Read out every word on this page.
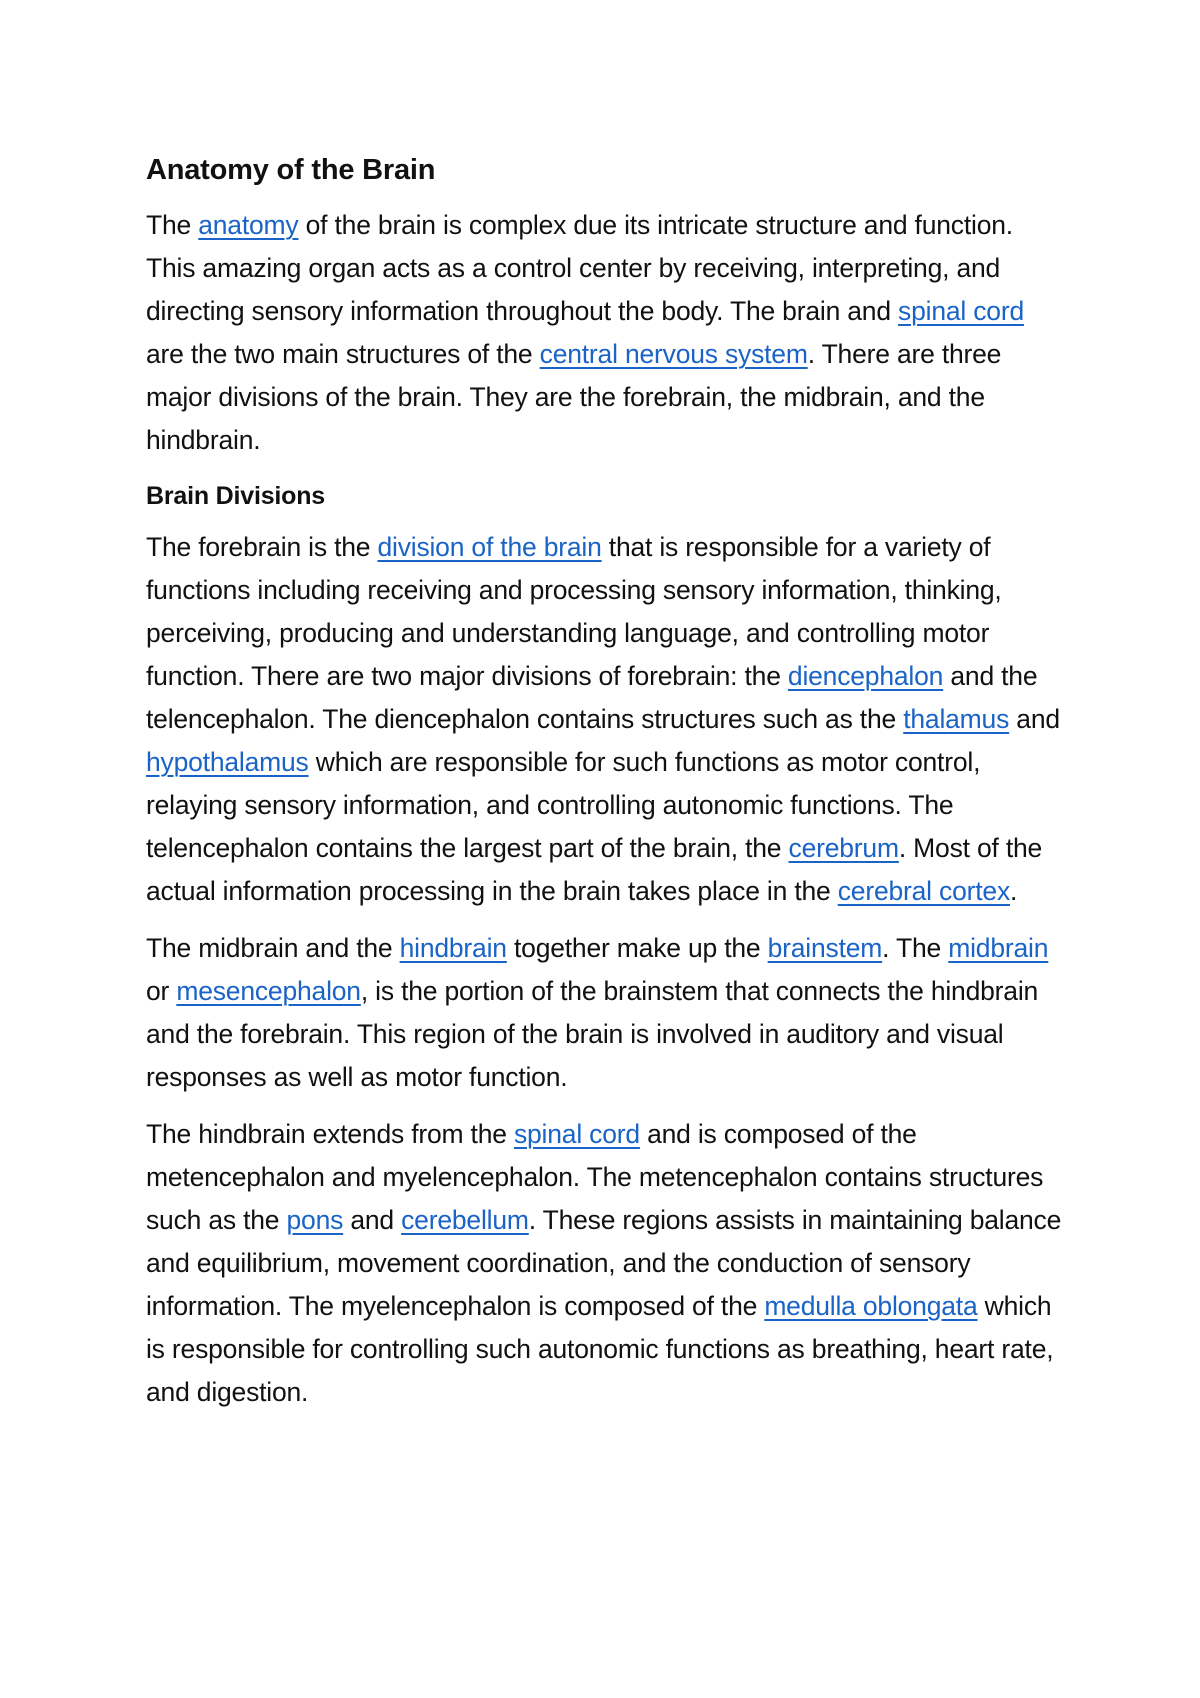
Anatomy of the Brain

The anatomy of the brain is complex due its intricate structure and function. This amazing organ acts as a control center by receiving, interpreting, and directing sensory information throughout the body. The brain and spinal cord are the two main structures of the central nervous system. There are three major divisions of the brain. They are the forebrain, the midbrain, and the hindbrain.

Brain Divisions

The forebrain is the division of the brain that is responsible for a variety of functions including receiving and processing sensory information, thinking, perceiving, producing and understanding language, and controlling motor function. There are two major divisions of forebrain: the diencephalon and the telencephalon. The diencephalon contains structures such as the thalamus and hypothalamus which are responsible for such functions as motor control, relaying sensory information, and controlling autonomic functions. The telencephalon contains the largest part of the brain, the cerebrum. Most of the actual information processing in the brain takes place in the cerebral cortex.

The midbrain and the hindbrain together make up the brainstem. The midbrain or mesencephalon, is the portion of the brainstem that connects the hindbrain and the forebrain. This region of the brain is involved in auditory and visual responses as well as motor function.

The hindbrain extends from the spinal cord and is composed of the metencephalon and myelencephalon. The metencephalon contains structures such as the pons and cerebellum. These regions assists in maintaining balance and equilibrium, movement coordination, and the conduction of sensory information. The myelencephalon is composed of the medulla oblongata which is responsible for controlling such autonomic functions as breathing, heart rate, and digestion.
